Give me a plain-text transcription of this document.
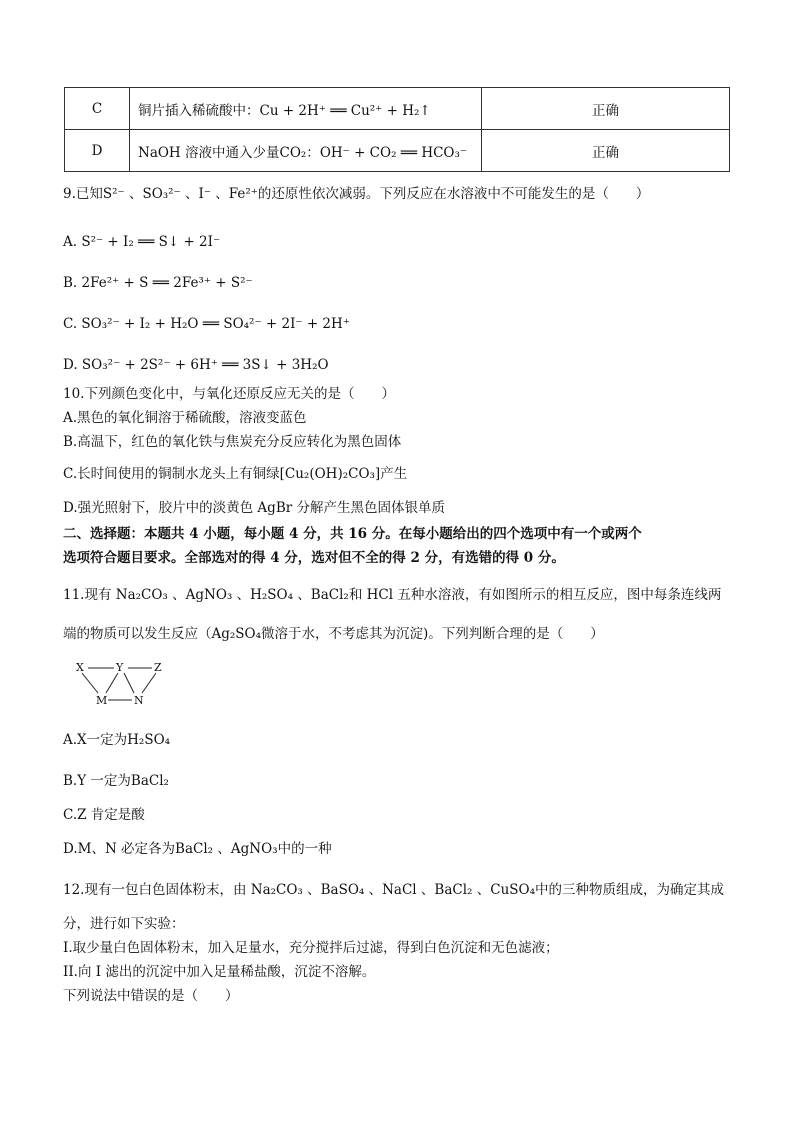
C	铜片插入稀硫酸中：Cu + 2H⁺ ══ Cu²⁺ + H₂↑	正确
D	NaOH 溶液中通入少量CO₂：OH⁻ + CO₂ ══ HCO₃⁻	正确
9.已知S²⁻ 、SO₃²⁻ 、I⁻ 、Fe²⁺的还原性依次减弱。下列反应在水溶液中不可能发生的是（　　）
A. S²⁻ + I₂ ══ S↓ + 2I⁻
B. 2Fe²⁺ + S ══ 2Fe³⁺ + S²⁻
C. SO₃²⁻ + I₂ + H₂O ══ SO₄²⁻ + 2I⁻ + 2H⁺
D. SO₃²⁻ + 2S²⁻ + 6H⁺ ══ 3S↓ + 3H₂O
10.下列颜色变化中，与氧化还原反应无关的是（　　）
A.黑色的氧化铜溶于稀硫酸，溶液变蓝色
B.高温下，红色的氧化铁与焦炭充分反应转化为黑色固体
C.长时间使用的铜制水龙头上有铜绿[Cu₂(OH)₂CO₃]产生
D.强光照射下，胶片中的淡黄色 AgBr 分解产生黑色固体银单质
二、选择题：本题共 4 小题，每小题 4 分，共 16 分。在每小题给出的四个选项中有一个或两个
选项符合题目要求。全部选对的得 4 分，选对但不全的得 2 分，有选错的得 0 分。
11.现有 Na₂CO₃ 、AgNO₃ 、H₂SO₄ 、BaCl₂和 HCl 五种水溶液，有如图所示的相互反应，图中每条连线两
端的物质可以发生反应（Ag₂SO₄微溶于水，不考虑其为沉淀)。下列判断合理的是（　　）
X	Y	Z
M N
A.X一定为H₂SO₄
B.Y 一定为BaCl₂
C.Z 肯定是酸
D.M、N 必定各为BaCl₂ 、AgNO₃中的一种
12.现有一包白色固体粉末，由 Na₂CO₃ 、BaSO₄ 、NaCl 、BaCl₂ 、CuSO₄中的三种物质组成，为确定其成
分，进行如下实验：
I.取少量白色固体粉末，加入足量水，充分搅拌后过滤，得到白色沉淀和无色滤液；
II.向 I 滤出的沉淀中加入足量稀盐酸，沉淀不溶解。
下列说法中错误的是（　　）
